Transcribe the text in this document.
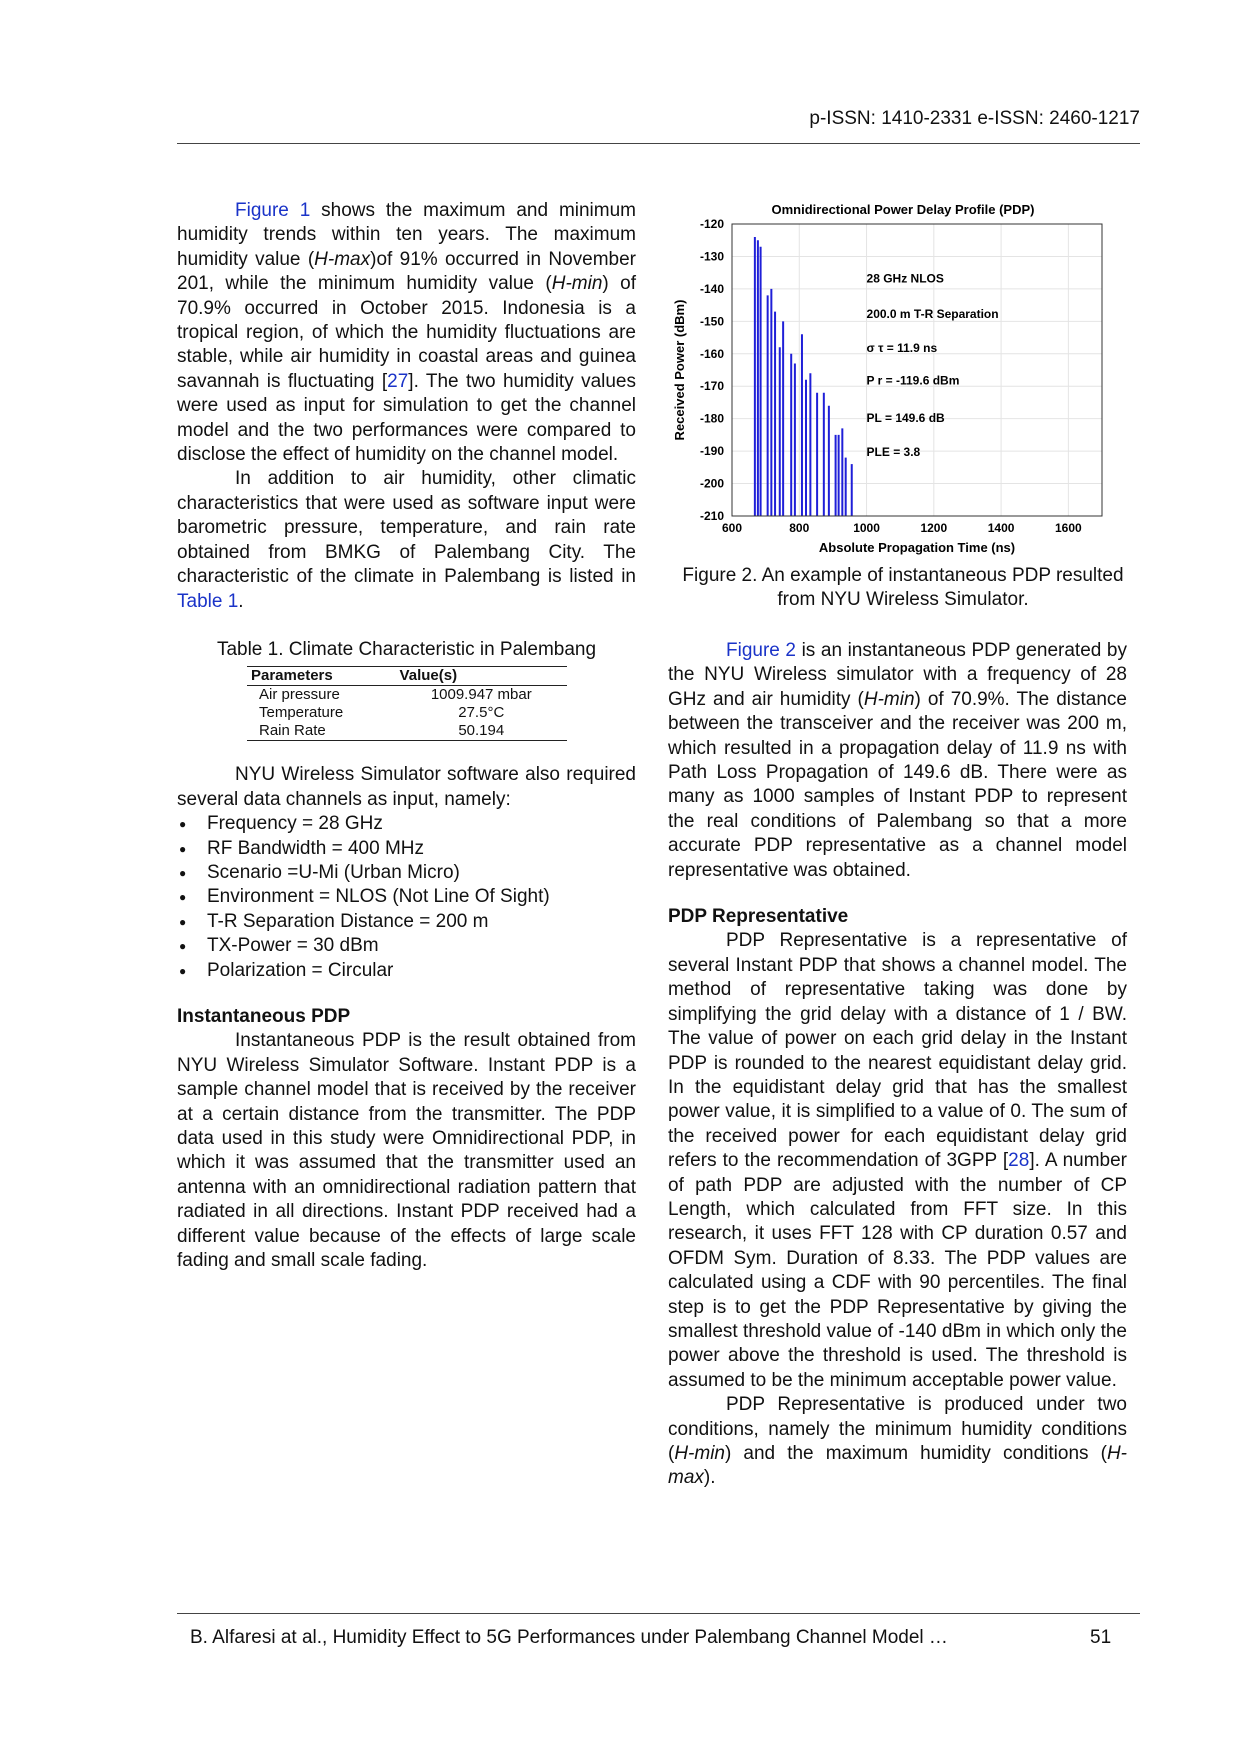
p-ISSN: 1410-2331 e-ISSN: 2460-1217

Figure 1 shows the maximum and minimum humidity trends within ten years. The maximum humidity value (H-max)of 91% occurred in November 201, while the minimum humidity value (H-min) of 70.9% occurred in October 2015. Indonesia is a tropical region, of which the humidity fluctuations are stable, while air humidity in coastal areas and guinea savannah is fluctuating [27]. The two humidity values were used as input for simulation to get the channel model and the two performances were compared to disclose the effect of humidity on the channel model.

In addition to air humidity, other climatic characteristics that were used as software input were barometric pressure, temperature, and rain rate obtained from BMKG of Palembang City. The characteristic of the climate in Palembang is listed in Table 1.

Table 1. Climate Characteristic in Palembang
Parameters	Value(s)
Air pressure	1009.947 mbar
Temperature	27.5°C
Rain Rate	50.194

NYU Wireless Simulator software also required several data channels as input, namely:

● Frequency = 28 GHz
● RF Bandwidth = 400 MHz
● Scenario =U-Mi (Urban Micro)
● Environment = NLOS (Not Line Of Sight)
● T-R Separation Distance = 200 m
● TX-Power = 30 dBm
● Polarization = Circular
Instantaneous PDP

Instantaneous PDP is the result obtained from NYU Wireless Simulator Software. Instant PDP is a sample channel model that is received by the receiver at a certain distance from the transmitter. The PDP data used in this study were Omnidirectional PDP, in which it was assumed that the transmitter used an antenna with an omnidirectional radiation pattern that radiated in all directions. Instant PDP received had a different value because of the effects of large scale fading and small scale fading.

Omnidirectional Power Delay Profile (PDP)
600	800	1000	1200	1400	1600
-120
-130
-140
-150
-160
-170
-180
-190
-200
-210
28 GHz NLOS
200.0 m T-R Separation
σ τ = 11.9 ns
P r = -119.6 dBm
PL = 149.6 dB
PLE = 3.8
Absolute Propagation Time (ns)
Received Power (dBm)
Figure 2. An example of instantaneous PDP resulted from NYU Wireless Simulator.

Figure 2 is an instantaneous PDP generated by the NYU Wireless simulator with a frequency of 28 GHz and air humidity (H-min) of 70.9%. The distance between the transceiver and the receiver was 200 m, which resulted in a propagation delay of 11.9 ns with Path Loss Propagation of 149.6 dB. There were as many as 1000 samples of Instant PDP to represent the real conditions of Palembang so that a more accurate PDP representative as a channel model representative was obtained.

PDP Representative

PDP Representative is a representative of several Instant PDP that shows a channel model. The method of representative taking was done by simplifying the grid delay with a distance of 1 / BW. The value of power on each grid delay in the Instant PDP is rounded to the nearest equidistant delay grid. In the equidistant delay grid that has the smallest power value, it is simplified to a value of 0. The sum of the received power for each equidistant delay grid refers to the recommendation of 3GPP [28]. A number of path PDP are adjusted with the number of CP Length, which calculated from FFT size. In this research, it uses FFT 128 with CP duration 0.57 and OFDM Sym. Duration of 8.33. The PDP values are calculated using a CDF with 90 percentiles. The final step is to get the PDP Representative by giving the smallest threshold value of -140 dBm in which only the power above the threshold is used. The threshold is assumed to be the minimum acceptable power value.

PDP Representative is produced under two conditions, namely the minimum humidity conditions (H-min) and the maximum humidity conditions (H-max).

B. Alfaresi at al., Humidity Effect to 5G Performances under Palembang Channel Model …	51
